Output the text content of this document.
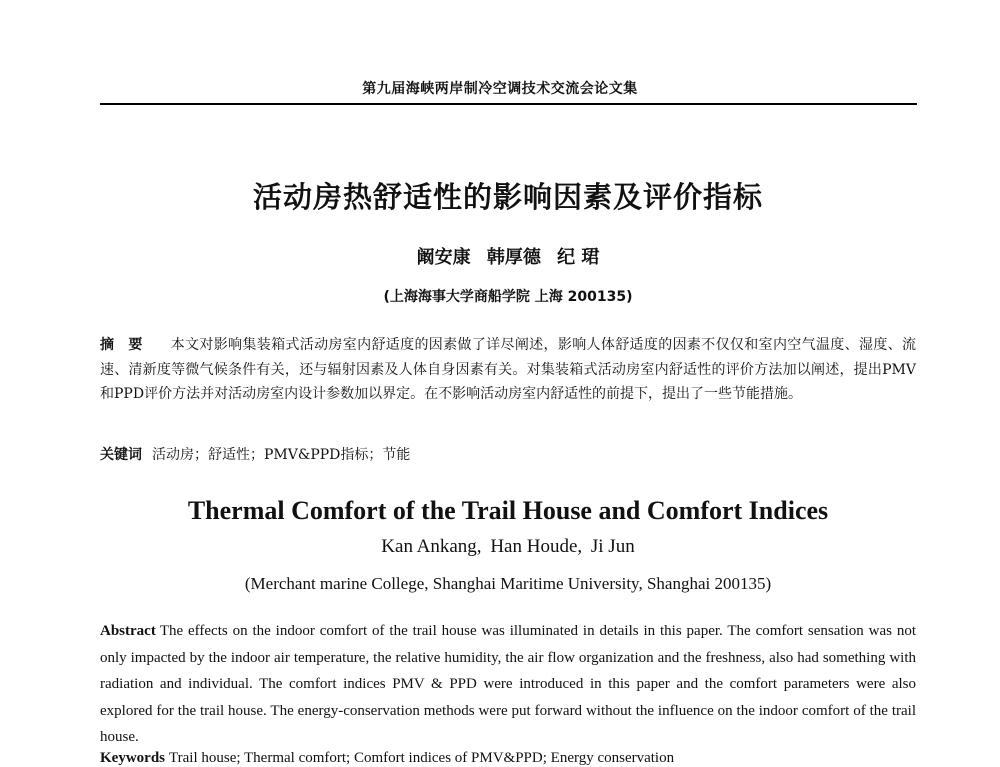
第九届海峡两岸制冷空调技术交流会论文集
活动房热舒适性的影响因素及评价指标
阚安康 韩厚德 纪 珺
(上海海事大学商船学院 上海 200135)
摘要 本文对影响集装箱式活动房室内舒适度的因素做了详尽阐述，影响人体舒适度的因素不仅仅和室内空气温度、湿度、流速、清新度等微气候条件有关，还与辐射因素及人体自身因素有关。对集装箱式活动房室内舒适性的评价方法加以阐述，提出PMV和PPD评价方法并对活动房室内设计参数加以界定。在不影响活动房室内舒适性的前提下，提出了一些节能措施。
关键词 活动房；舒适性；PMV&PPD指标；节能
Thermal Comfort of the Trail House and Comfort Indices
Kan Ankang, Han Houde, Ji Jun
(Merchant marine College, Shanghai Maritime University, Shanghai 200135)
Abstract The effects on the indoor comfort of the trail house was illuminated in details in this paper. The comfort sensation was not only impacted by the indoor air temperature, the relative humidity, the air flow organization and the freshness, also had something with radiation and individual. The comfort indices PMV & PPD were introduced in this paper and the comfort parameters were also explored for the trail house. The energy-conservation methods were put forward without the influence on the indoor comfort of the trail house.
Keywords Trail house; Thermal comfort; Comfort indices of PMV&PPD; Energy conservation
